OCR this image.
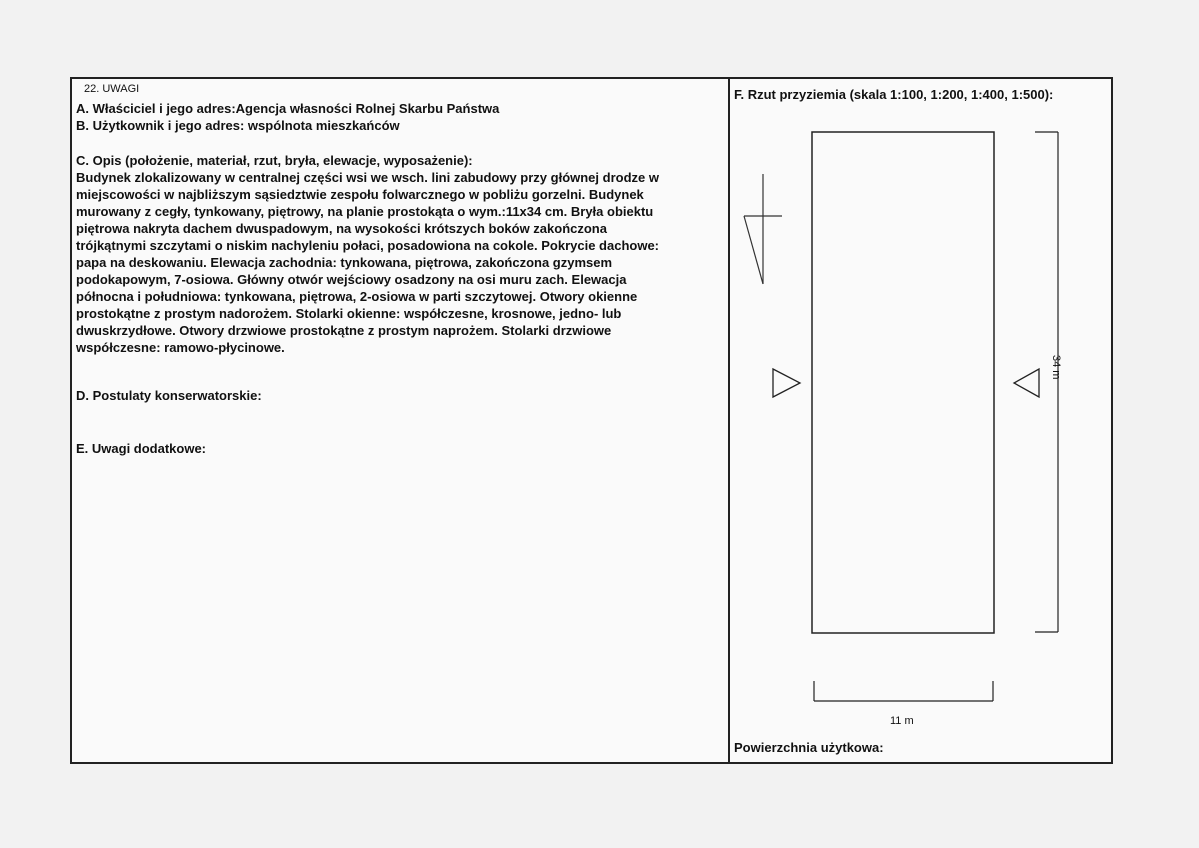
22. UWAGI
A. Właściciel i jego adres:Agencja własności Rolnej Skarbu Państwa
B. Użytkownik i jego adres: wspólnota mieszkańców
C. Opis (położenie, materiał, rzut, bryła, elewacje, wyposażenie):
Budynek zlokalizowany w centralnej części wsi we wsch. lini zabudowy przy głównej drodze w
miejscowości w najbliższym sąsiedztwie zespołu folwarcznego w pobliżu gorzelni. Budynek
murowany z cegły, tynkowany, piętrowy, na planie prostokąta o wym.:11x34 cm. Bryła obiektu
piętrowa nakryta dachem dwuspadowym, na wysokości krótszych boków zakończona
trójkątnymi szczytami o niskim nachyleniu połaci, posadowiona na cokole. Pokrycie dachowe:
papa na deskowaniu. Elewacja zachodnia: tynkowana, piętrowa, zakończona gzymsem
podokapowym, 7-osiowa. Główny otwór wejściowy osadzony na osi muru zach. Elewacja
północna i południowa: tynkowana, piętrowa, 2-osiowa w parti szczytowej. Otwory okienne
prostokątne z prostym nadorożem. Stolarki okienne: współczesne, krosnowe, jedno- lub
dwuskrzydłowe. Otwory drzwiowe prostokątne z prostym naprożem. Stolarki drzwiowe
współczesne: ramowo-płycinowe.
D. Postulaty konserwatorskie:
E. Uwagi dodatkowe:
F. Rzut przyziemia (skala 1:100, 1:200, 1:400, 1:500):
11 m
34 m
Powierzchnia użytkowa:
